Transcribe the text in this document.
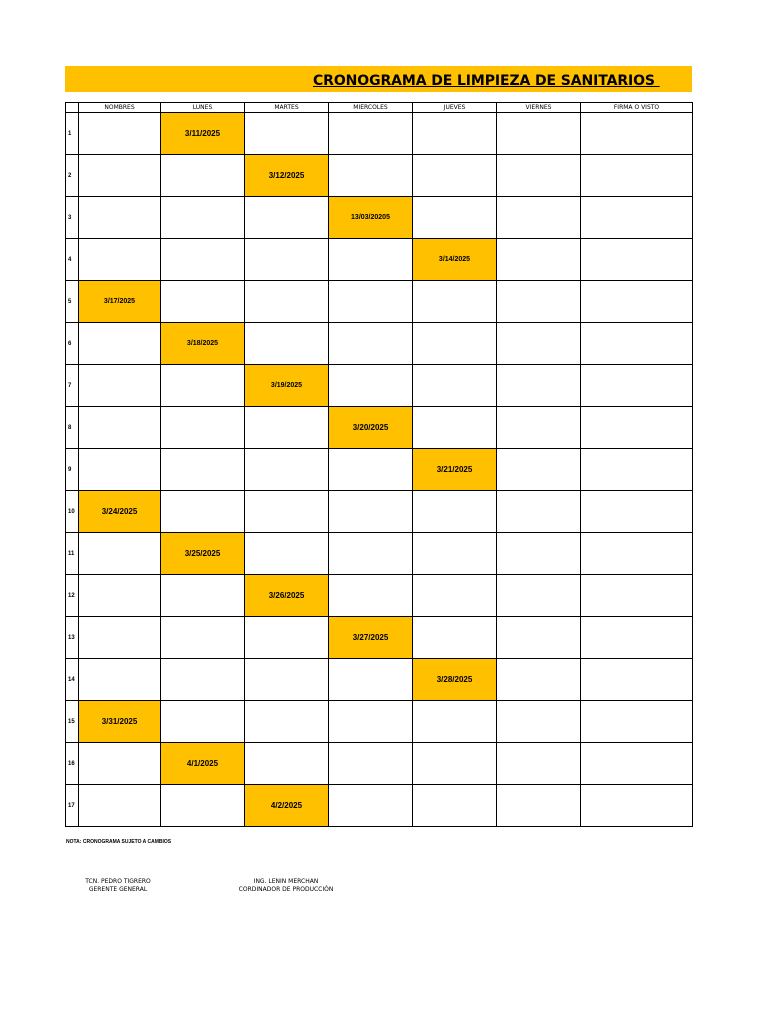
CRONOGRAMA DE LIMPIEZA DE SANITARIOS
	NOMBRES	LUNES	MARTES	MIERCOLES	JUEVES	VIERNES	FIRMA O VISTO
1		3/11/2025					
2			3/12/2025				
3				13/03/20205			
4					3/14/2025		
5	3/17/2025						
6		3/18/2025					
7			3/19/2025				
8				3/20/2025			
9					3/21/2025		
10	3/24/2025						
11		3/25/2025					
12			3/26/2025				
13				3/27/2025			
14					3/28/2025		
15	3/31/2025						
16		4/1/2025					
17			4/2/2025				
NOTA: CRONOGRAMA SUJETO A CAMBIOS
TCN. PEDRO TIGRERO
GERENTE GENERAL
ING. LENIN MERCHAN
CORDINADOR DE PRODUCCIÓN
